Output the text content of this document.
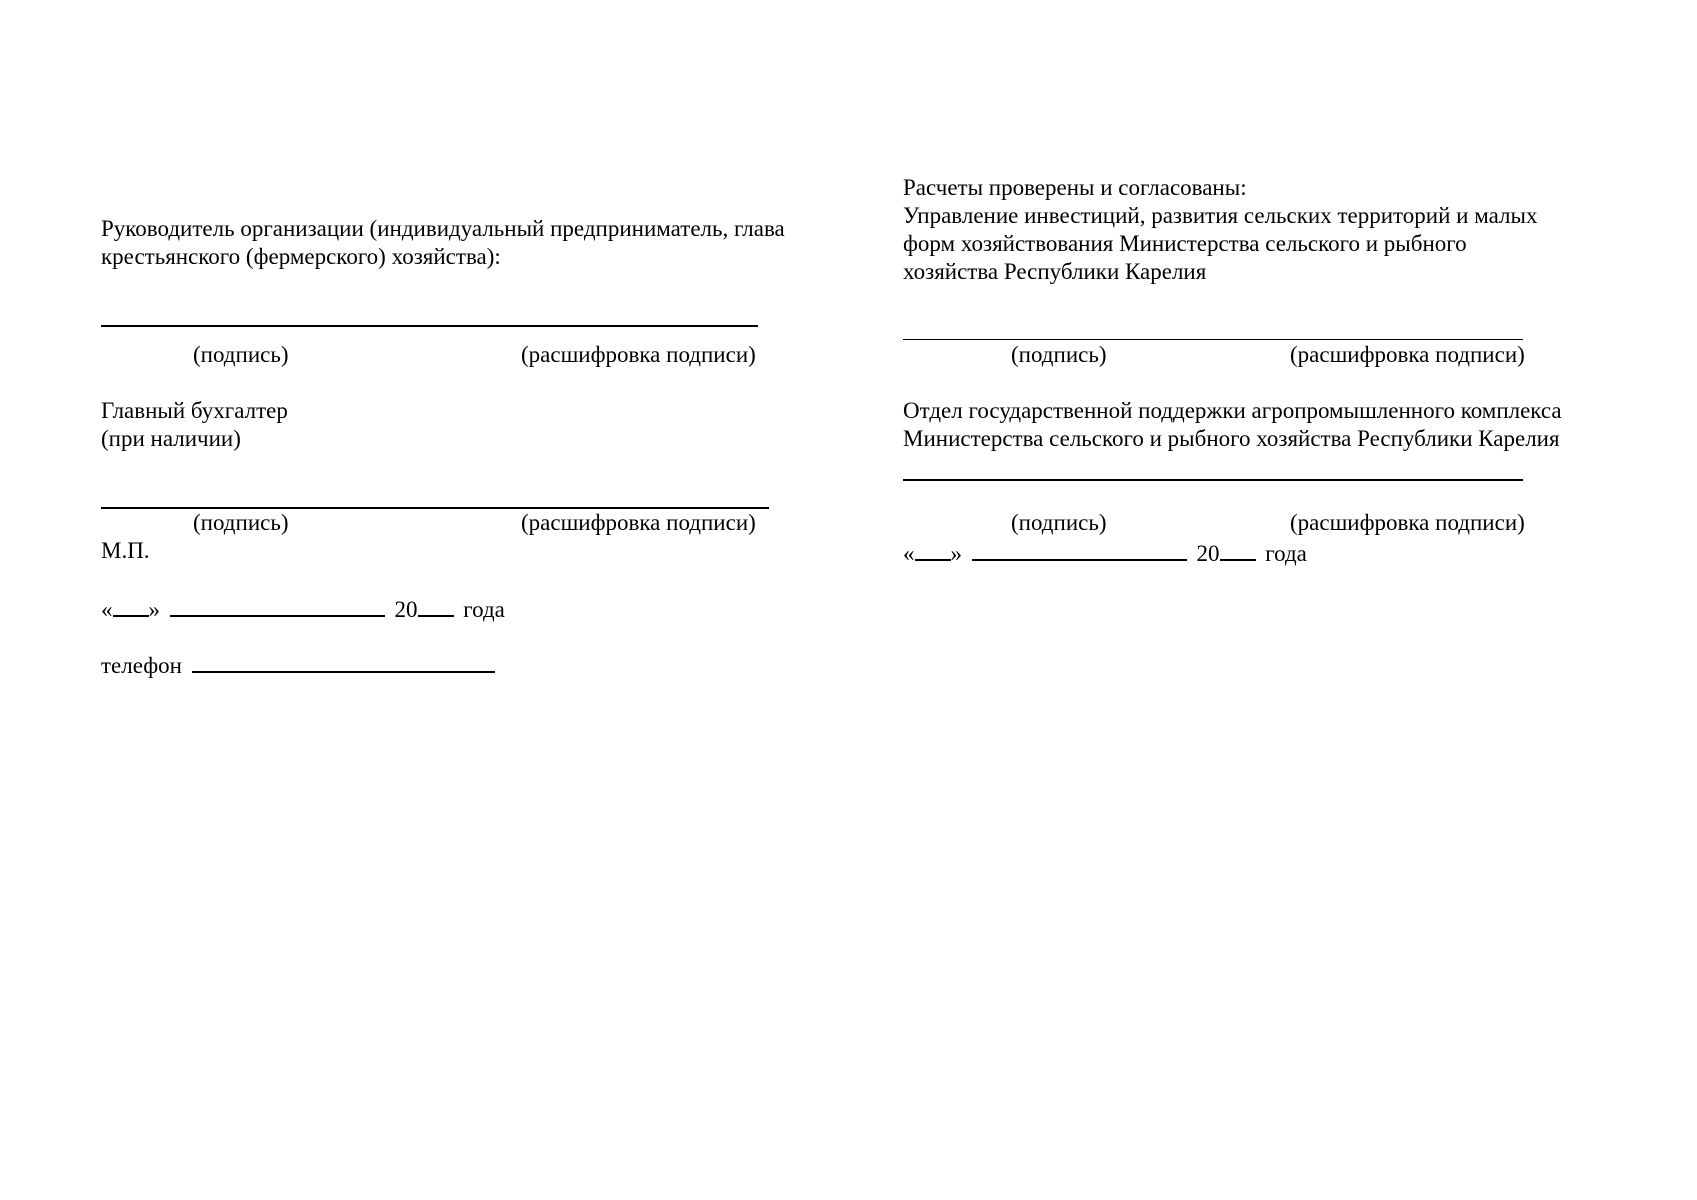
Руководитель организации (индивидуальный предприниматель, глава
крестьянского (фермерского) хозяйства):
(подпись)	(расшифровка подписи)
Главный бухгалтер
(при наличии)
(подпись)	(расшифровка подписи)
М.П.
« »	20 года
телефон
Расчеты проверены и согласованы:
Управление инвестиций, развития сельских территорий и малых
форм хозяйствования Министерства сельского и рыбного
хозяйства Республики Карелия
(подпись)	(расшифровка подписи)
Отдел государственной поддержки агропромышленного комплекса
Министерства сельского и рыбного хозяйства Республики Карелия
(подпись)	(расшифровка подписи)
« »	20 года
